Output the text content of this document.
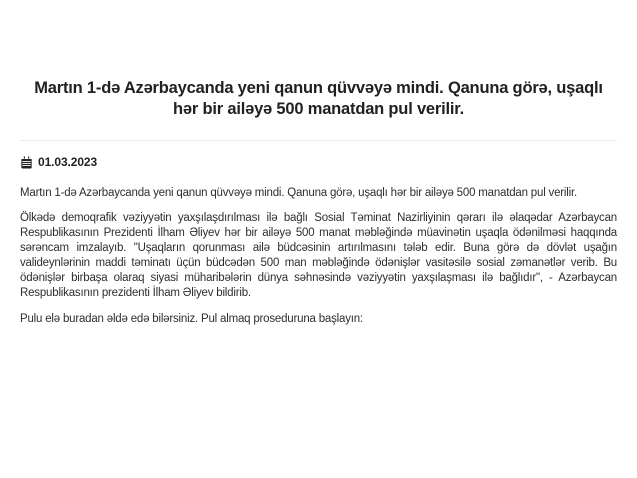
Martın 1-də Azərbaycanda yeni qanun qüvvəyə mindi. Qanuna görə, uşaqlı hər bir ailəyə 500 manatdan pul verilir.
01.03.2023

Martın 1-də Azərbaycanda yeni qanun qüvvəyə mindi. Qanuna görə, uşaqlı hər bir ailəyə 500 manatdan pul verilir.

Ölkədə demoqrafik vəziyyətin yaxşılaşdırılması ilə bağlı Sosial Təminat Nazirliyinin qərarı ilə əlaqədar Azərbaycan Respublikasının Prezidenti İlham Əliyev hər bir ailəyə 500 manat məbləğində müavinətin uşaqla ödənilməsi haqqında sərəncam imzalayıb. "Uşaqların qorunması ailə büdcəsinin artırılmasını tələb edir. Buna görə də dövlət uşağın valideynlərinin maddi təminatı üçün büdcədən 500 man məbləğində ödənişlər vasitəsilə sosial zəmanətlər verib. Bu ödənişlər birbaşa olaraq siyasi müharibələrin dünya səhnəsində vəziyyətin yaxşılaşması ilə bağlıdır", - Azərbaycan Respublikasının prezidenti İlham Əliyev bildirib.

Pulu elə buradan əldə edə bilərsiniz. Pul almaq proseduruna başlayın:
